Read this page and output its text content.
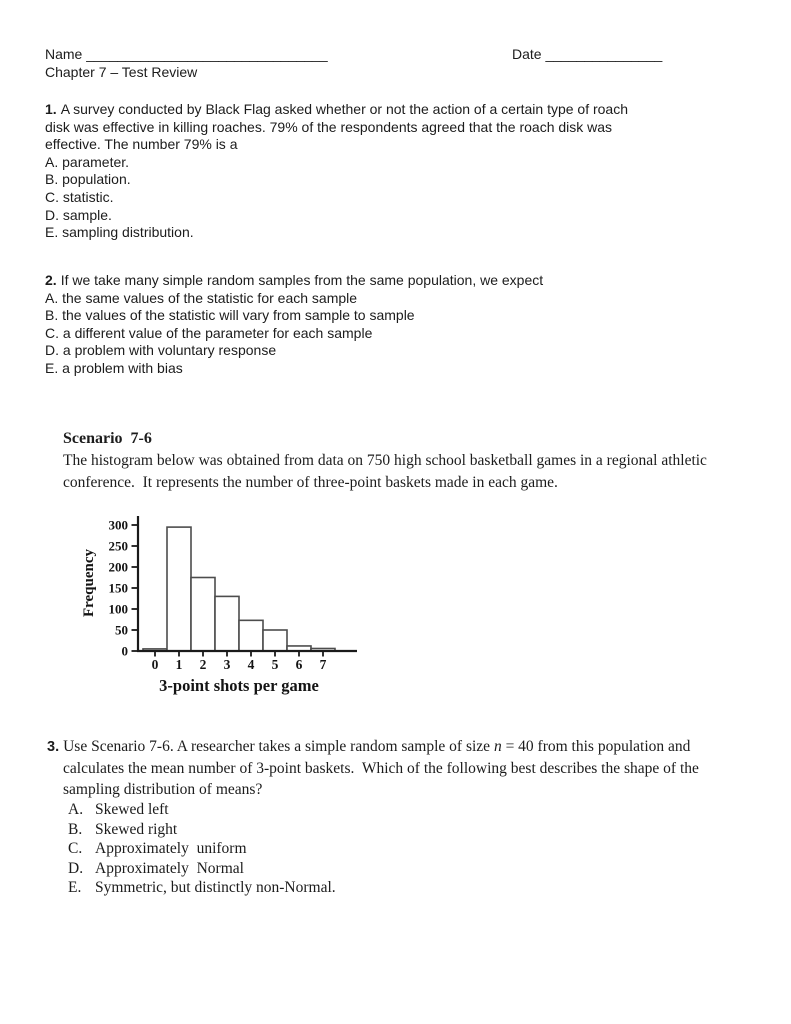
Name _______________________________	Date _______________
Chapter 7 – Test Review
1. A survey conducted by Black Flag asked whether or not the action of a certain type of roach
disk was effective in killing roaches. 79% of the respondents agreed that the roach disk was
effective. The number 79% is a
A. parameter.
B. population.
C. statistic.
D. sample.
E. sampling distribution.
2. If we take many simple random samples from the same population, we expect
A. the same values of the statistic for each sample
B. the values of the statistic will vary from sample to sample
C. a different value of the parameter for each sample
D. a problem with voluntary response
E. a problem with bias
Scenario  7-6
The histogram below was obtained from data on 750 high school basketball games in a regional athletic
conference.  It represents the number of three-point baskets made in each game.
0
50
100
150
200
250
300
0 1 2 3 4 5 6 7
Frequency
3-point shots per game
3. Use Scenario 7-6. A researcher takes a simple random sample of size n = 40 from this population and
calculates the mean number of 3-point baskets.  Which of the following best describes the shape of the
sampling distribution of means?
A. Skewed left
B. Skewed right
C. Approximately  uniform
D. Approximately  Normal
E. Symmetric, but distinctly non-Normal.
